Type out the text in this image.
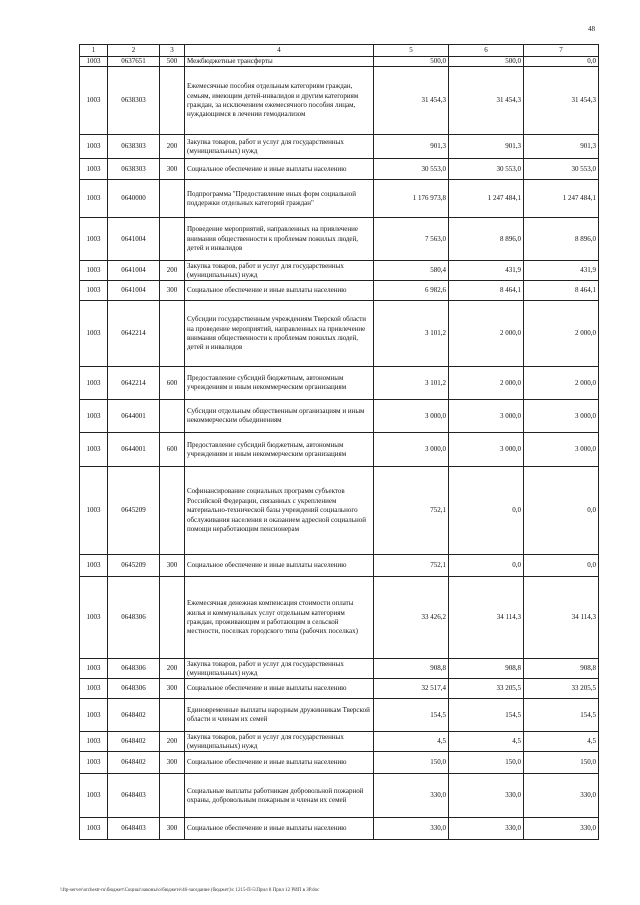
48
1	2	3	4	5	6	7
1003	0637651	500	Межбюджетные трансферты	500,0	500,0	0,0
1003	0638303		Ежемесячные пособия отдельным категориям граждан, семьям, имеющим детей-инвалидов и другим категориям граждан, за исключением ежемесячного пособия лицам, нуждающимся в лечении гемодиализом	31 454,3	31 454,3	31 454,3
1003	0638303	200	Закупка товаров, работ и услуг для государственных (муниципальных) нужд	901,3	901,3	901,3
1003	0638303	300	Социальное обеспечение и иные выплаты населению	30 553,0	30 553,0	30 553,0
1003	0640000		Подпрограмма "Предоставление иных форм социальной поддержки отдельных категорий граждан"	1 176 973,8	1 247 484,1	1 247 484,1
1003	0641004		Проведение мероприятий, направленных на привлечение внимания общественности к проблемам пожилых людей, детей и инвалидов	7 563,0	8 896,0	8 896,0
1003	0641004	200	Закупка товаров, работ и услуг для государственных (муниципальных) нужд	580,4	431,9	431,9
1003	0641004	300	Социальное обеспечение и иные выплаты населению	6 982,6	8 464,1	8 464,1
1003	0642214		Субсидии государственным учреждениям Тверской области на проведение мероприятий, направленных на привлечение внимания общественности к проблемам пожилых людей, детей и инвалидов	3 101,2	2 000,0	2 000,0
1003	0642214	600	Предоставление субсидий бюджетным, автономным учреждениям и иным некоммерческим организациям	3 101,2	2 000,0	2 000,0
1003	0644001		Субсидии отдельным общественным организациям и иным некоммерческим объединениям	3 000,0	3 000,0	3 000,0
1003	0644001	600	Предоставление субсидий бюджетным, автономным учреждениям и иным некоммерческим организациям	3 000,0	3 000,0	3 000,0
1003	0645209		Софинансирование социальных программ субъектов Российской Федерации, связанных с укреплением материально-технической базы учреждений социального обслуживания населения и оказанием адресной социальной помощи неработающим пенсионерам	752,1	0,0	0,0
1003	0645209	300	Социальное обеспечение и иные выплаты населению	752,1	0,0	0,0
1003	0648306		Ежемесячная денежная компенсация стоимости оплаты жилья и коммунальных услуг отдельным категориям граждан, проживающим и работающим в сельской местности, поселках городского типа (рабочих поселках)	33 426,2	34 114,3	34 114,3
1003	0648306	200	Закупка товаров, работ и услуг для государственных (муниципальных) нужд	908,8	908,8	908,8
1003	0648306	300	Социальное обеспечение и иные выплаты населению	32 517,4	33 205,5	33 205,5
1003	0648402		Единовременные выплаты народным дружинникам Тверской области и членам их семей	154,5	154,5	154,5
1003	0648402	200	Закупка товаров, работ и услуг для государственных (муниципальных) нужд	4,5	4,5	4,5
1003	0648402	300	Социальное обеспечение и иные выплаты населению	150,0	150,0	150,0
1003	0648403		Социальные выплаты работникам добровольной пожарной охраны, добровольным пожарным и членам их семей	330,0	330,0	330,0
1003	0648403	300	Социальное обеспечение и иные выплаты населению	330,0	330,0	330,0
\\ftp-server\orchestr-ru\бюджет\Социал\законы\о\бюджете\46-заседание (бюджет)\с 1215-П-5\Прил 8 Прил 12 РИП в ЗР.doc
